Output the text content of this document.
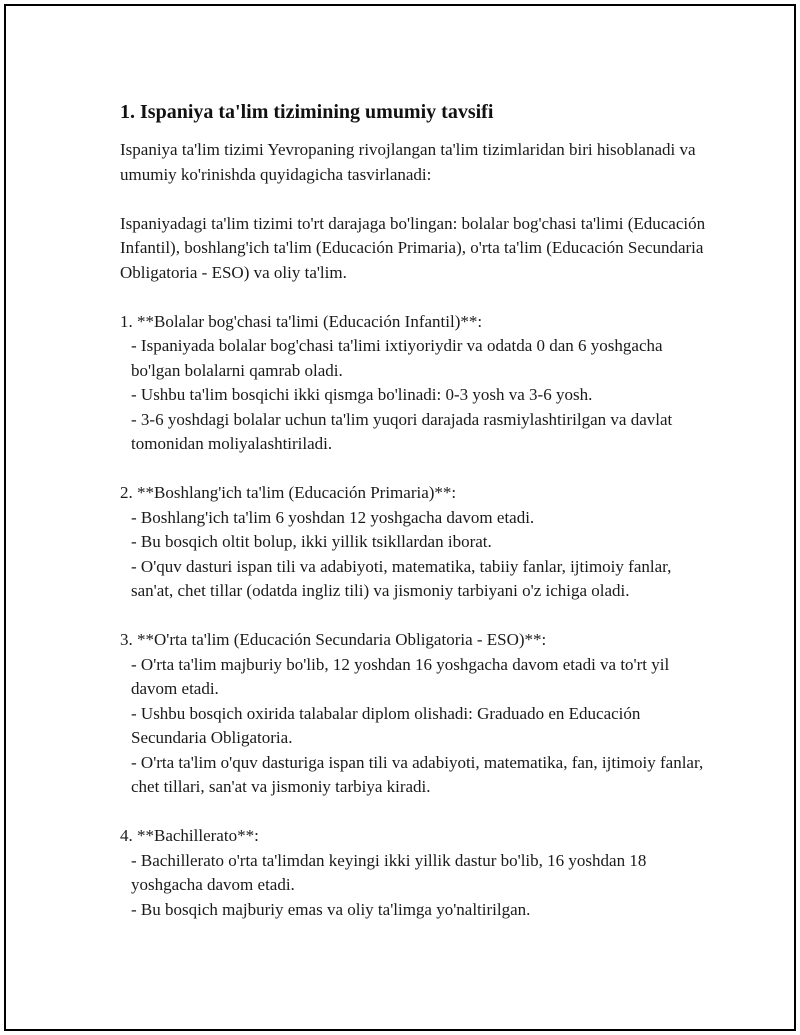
1. Ispaniya ta'lim tizimining umumiy tavsifi

Ispaniya ta'lim tizimi Yevropaning rivojlangan ta'lim tizimlaridan biri hisoblanadi va umumiy ko'rinishda quyidagicha tasvirlanadi:

Ispaniyadagi ta'lim tizimi to'rt darajaga bo'lingan: bolalar bog'chasi ta'limi (Educación Infantil), boshlang'ich ta'lim (Educación Primaria), o'rta ta'lim (Educación Secundaria Obligatoria - ESO) va oliy ta'lim.

1. **Bolalar bog'chasi ta'limi (Educación Infantil)**:
- Ispaniyada bolalar bog'chasi ta'limi ixtiyoriydir va odatda 0 dan 6 yoshgacha bo'lgan bolalarni qamrab oladi.
- Ushbu ta'lim bosqichi ikki qismga bo'linadi: 0-3 yosh va 3-6 yosh.
- 3-6 yoshdagi bolalar uchun ta'lim yuqori darajada rasmiylashtirilgan va davlat tomonidan moliyalashtiriladi.
2. **Boshlang'ich ta'lim (Educación Primaria)**:
- Boshlang'ich ta'lim 6 yoshdan 12 yoshgacha davom etadi.
- Bu bosqich oltit bolup, ikki yillik tsikllardan iborat.
- O'quv dasturi ispan tili va adabiyoti, matematika, tabiiy fanlar, ijtimoiy fanlar, san'at, chet tillar (odatda ingliz tili) va jismoniy tarbiyani o'z ichiga oladi.
3. **O'rta ta'lim (Educación Secundaria Obligatoria - ESO)**:
- O'rta ta'lim majburiy bo'lib, 12 yoshdan 16 yoshgacha davom etadi va to'rt yil davom etadi.
- Ushbu bosqich oxirida talabalar diplom olishadi: Graduado en Educación Secundaria Obligatoria.
- O'rta ta'lim o'quv dasturiga ispan tili va adabiyoti, matematika, fan, ijtimoiy fanlar, chet tillari, san'at va jismoniy tarbiya kiradi.
4. **Bachillerato**:
- Bachillerato o'rta ta'limdan keyingi ikki yillik dastur bo'lib, 16 yoshdan 18 yoshgacha davom etadi.
- Bu bosqich majburiy emas va oliy ta'limga yo'naltirilgan.
